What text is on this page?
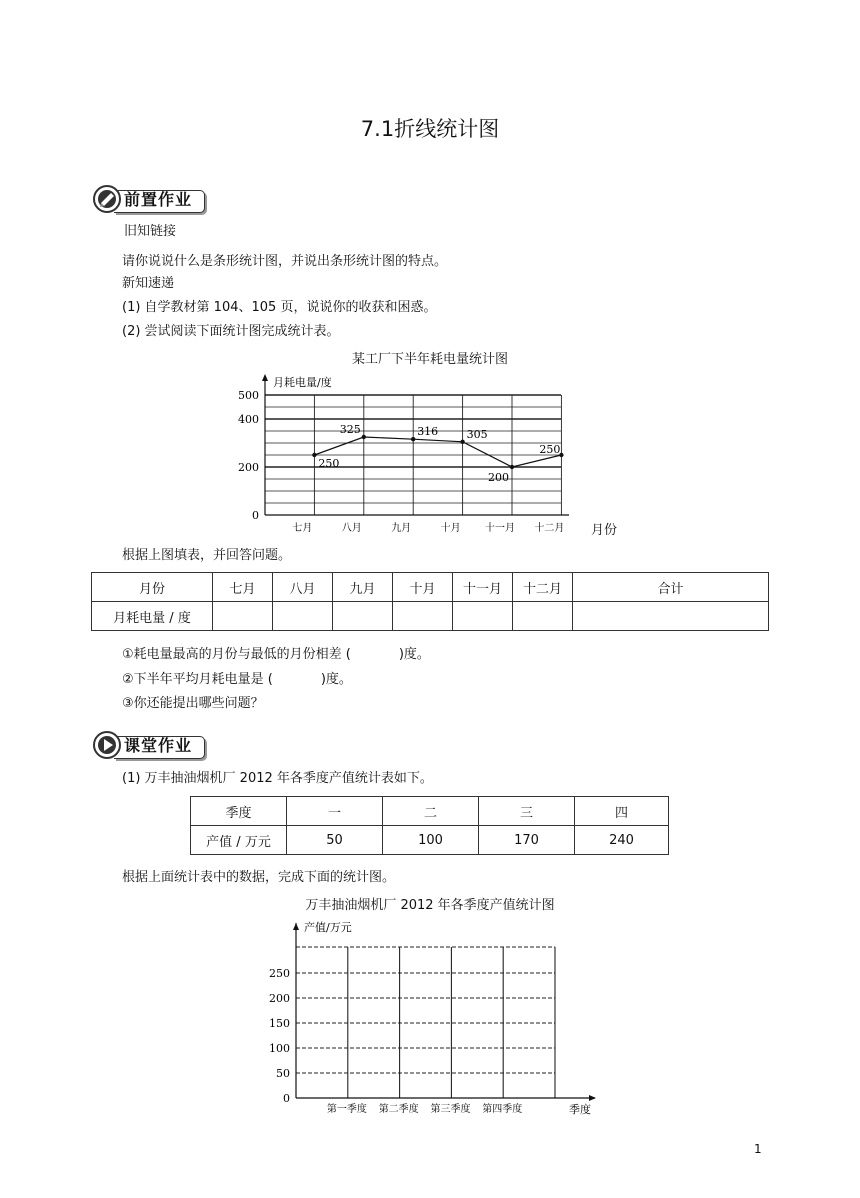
7.1折线统计图
前置作业
旧知链接
请你说说什么是条形统计图，并说出条形统计图的特点。
新知速递
(1) 自学教材第 104、105 页，说说你的收获和困惑。
(2) 尝试阅读下面统计图完成统计表。
某工厂下半年耗电量统计图
月耗电量/度
0
200
400
500
七月	八月	九月	十月 十一月 十二月
250
325	316	305
200
250
月份
根据上图填表，并回答问题。
月份	七月	八月	九月	十月	十一月	十二月	合计
月耗电量 / 度							
①耗电量最高的月份与最低的月份相差 (	)度。
②下半年平均月耗电量是 (	)度。
③你还能提出哪些问题？
课堂作业
(1) 万丰抽油烟机厂 2012 年各季度产值统计表如下。
季度	一	二	三	四
产值 / 万元	50	100	170	240
根据上面统计表中的数据，完成下面的统计图。
万丰抽油烟机厂 2012 年各季度产值统计图
产值/万元
0
50
100
150
200
250
第一季度 第二季度 第三季度 第四季度	季度
1
